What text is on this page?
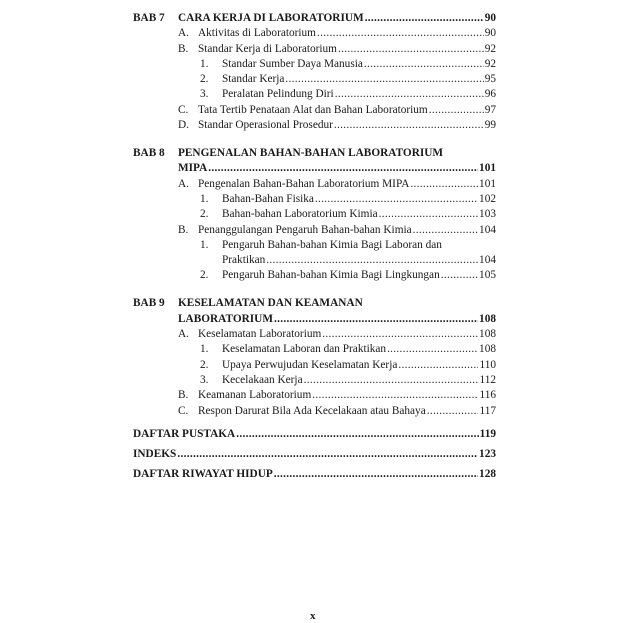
BAB 7	CARA KERJA DI LABORATORIUM .....	90
A. Aktivitas di Laboratorium .....	90
B. Standar Kerja di Laboratorium .....	92
1.	Standar Sumber Daya Manusia .....	92
2.	Standar Kerja .....	95
3.	Peralatan Pelindung Diri .....	96
C. Tata Tertib Penataan Alat dan Bahan Laboratorium .....	97
D. Standar Operasional Prosedur .....	99
BAB 8	PENGENALAN BAHAN-BAHAN LABORATORIUM
MIPA .....	101
A. Pengenalan Bahan-Bahan Laboratorium MIPA .....	101
1.	Bahan-Bahan Fisika .....	102
2.	Bahan-bahan Laboratorium Kimia .....	103
B. Penanggulangan Pengaruh Bahan-bahan Kimia .....	104
1.	Pengaruh Bahan-bahan Kimia Bagi Laboran dan
Praktikan .....	104
2.	Pengaruh Bahan-bahan Kimia Bagi Lingkungan .....	105
BAB 9	KESELAMATAN DAN KEAMANAN
LABORATORIUM .....	108
A. Keselamatan Laboratorium .....	108
1.	Keselamatan Laboran dan Praktikan .....	108
2.	Upaya Perwujudan Keselamatan Kerja .....	110
3.	Kecelakaan Kerja .....	112
B. Keamanan Laboratorium .....	116
C. Respon Darurat Bila Ada Kecelakaan atau Bahaya .....	117
DAFTAR PUSTAKA .....	119
INDEKS .....	123
DAFTAR RIWAYAT HIDUP .....	128
x
